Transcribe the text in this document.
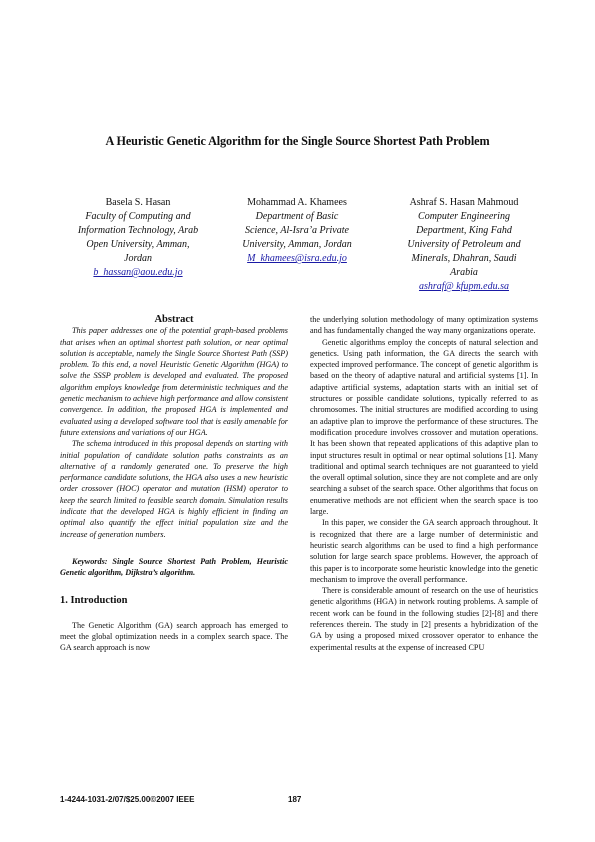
A Heuristic Genetic Algorithm for the Single Source Shortest Path Problem
Basela S. Hasan
Faculty of Computing and
Information Technology, Arab
Open University, Amman,
Jordan
b_hassan@aou.edu.jo
Mohammad A. Khamees
Department of Basic
Science, Al-Isra’a Private
University, Amman, Jordan
M_khamees@isra.edu.jo
Ashraf S. Hasan Mahmoud
Computer Engineering
Department, King Fahd
University of Petroleum and
Minerals, Dhahran, Saudi
Arabia
ashraf@ kfupm.edu.sa

Abstract

This paper addresses one of the potential graph-based problems that arises when an optimal shortest path solution, or near optimal solution is acceptable, namely the Single Source Shortest Path (SSP) problem. To this end, a novel Heuristic Genetic Algorithm (HGA) to solve the SSSP problem is developed and evaluated. The proposed algorithm employs knowledge from deterministic techniques and the genetic mechanism to achieve high performance and allow consistent convergence. In addition, the proposed HGA is implemented and evaluated using a developed software tool that is easily amenable for future extensions and variations of our HGA.

The schema introduced in this proposal depends on starting with initial population of candidate solution paths constraints as an alternative of a randomly generated one. To preserve the high performance candidate solutions, the HGA also uses a new heuristic order crossover (HOC) operator and mutation (HSM) operator to keep the search limited to feasible search domain. Simulation results indicate that the developed HGA is highly efficient in finding an optimal also quantify the effect initial population size and the increase of generation numbers.

Keywords: Single Source Shortest Path Problem, Heuristic Genetic algorithm, Dijkstra’s algorithm.

1. Introduction

The Genetic Algorithm (GA) search approach has emerged to meet the global optimization needs in a complex search space. The GA search approach is now

the underlying solution methodology of many optimization systems and has fundamentally changed the way many organizations operate.

Genetic algorithms employ the concepts of natural selection and genetics. Using path information, the GA directs the search with expected improved performance. The concept of genetic algorithm is based on the theory of adaptive natural and artificial systems [1]. In adaptive artificial systems, adaptation starts with an initial set of structures or possible candidate solutions, typically referred to as chromosomes. The initial structures are modified according to using an adaptive plan to improve the performance of these structures. The modification procedure involves crossover and mutation operations. It has been shown that repeated applications of this adaptive plan to input structures result in optimal or near optimal solutions [1]. Many traditional and optimal search techniques are not guaranteed to yield the overall optimal solution, since they are not complete and are only searching a subset of the search space. Other algorithms that focus on enumerative methods are not efficient when the search space is too large.

In this paper, we consider the GA search approach throughout. It is recognized that there are a large number of deterministic and heuristic search algorithms can be used to find a high performance solution for large search space problems. However, the approach of this paper is to incorporate some heuristic knowledge into the genetic mechanism to improve the overall performance.

There is considerable amount of research on the use of heuristics genetic algorithms (HGA) in network routing problems. A sample of recent work can be found in the following studies [2]-[8] and there references therein. The study in [2] presents a hybridization of the GA by using a proposed mixed crossover operator to enhance the experimental results at the expense of increased CPU

1-4244-1031-2/07/$25.00©2007 IEEE	187
